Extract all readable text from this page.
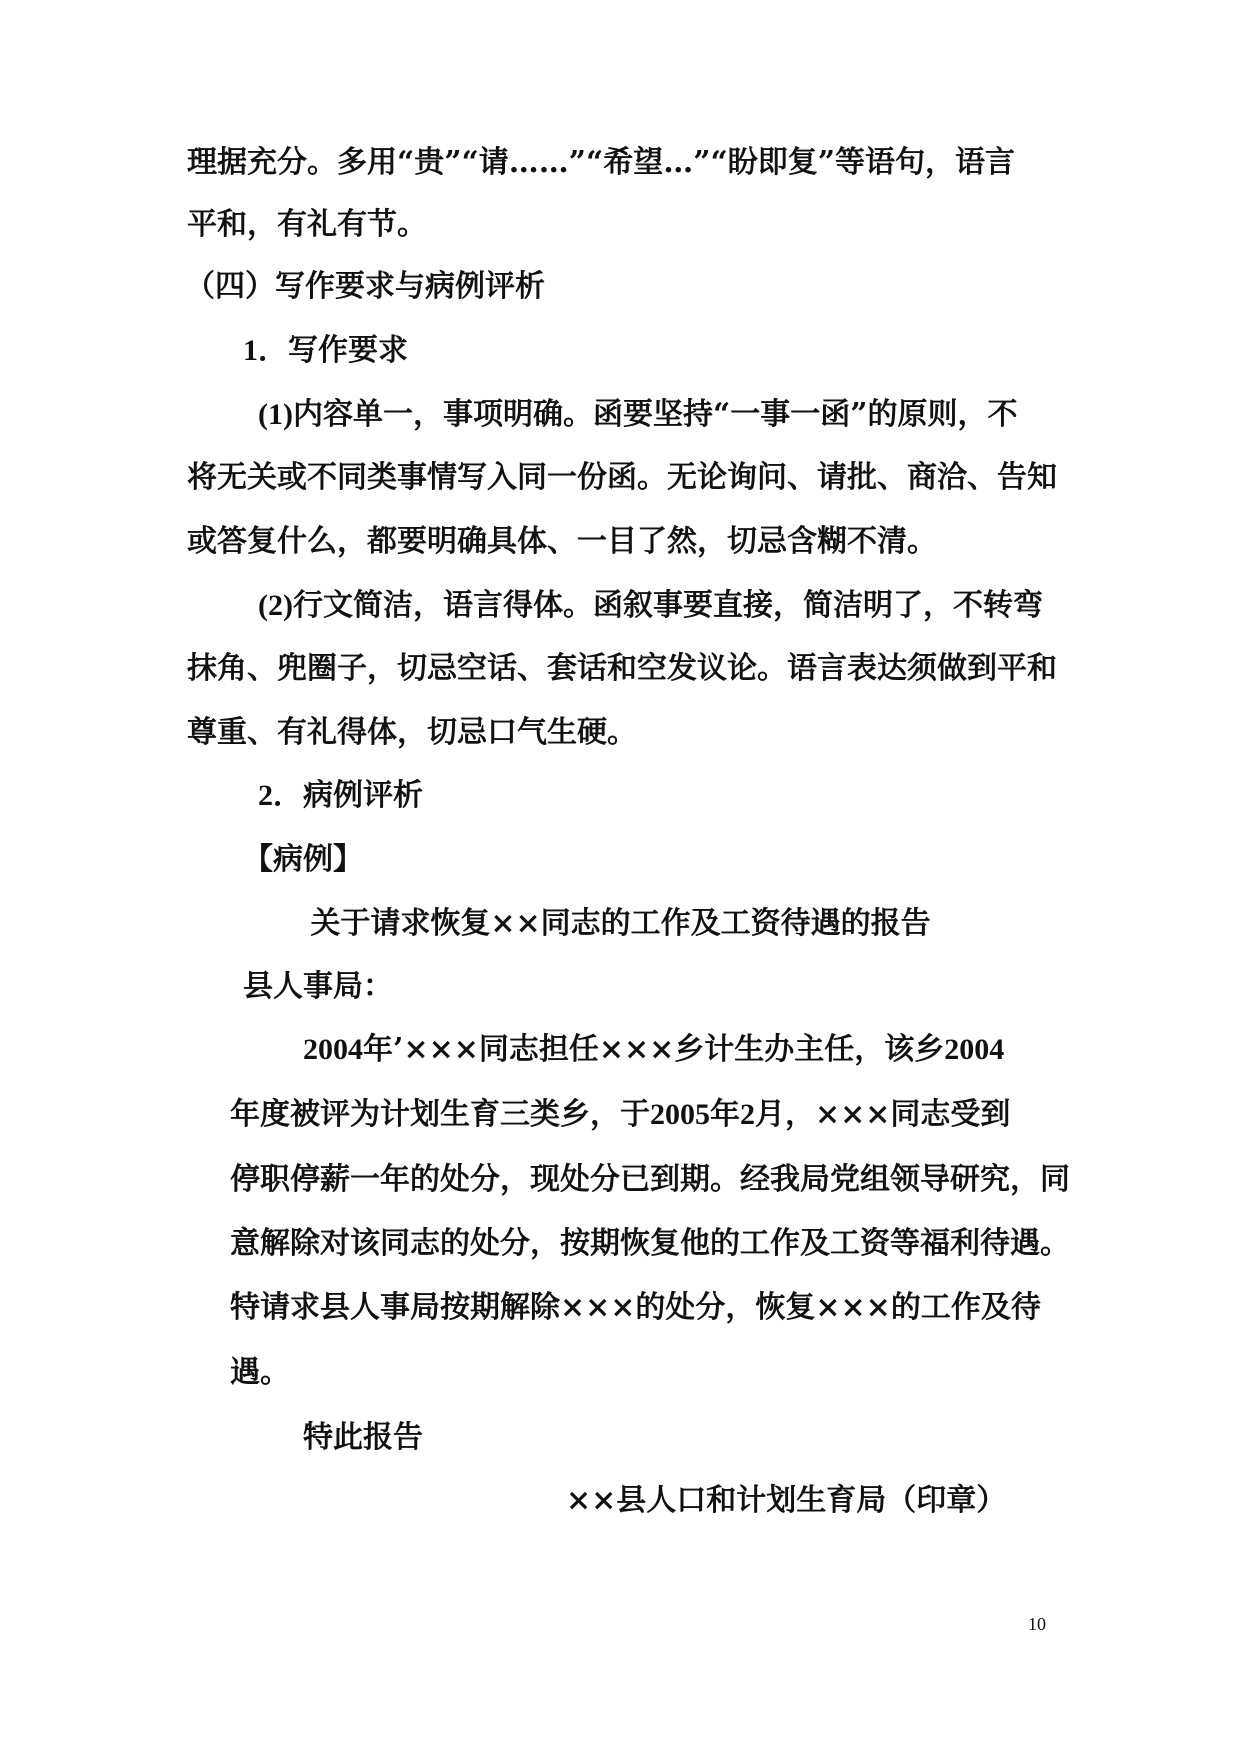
理据充分。多用“贵”“请……”“希望…”“盼即复”等语句，语言
平和，有礼有节。
（四）写作要求与病例评析
1．写作要求
(1)内容单一，事项明确。函要坚持“一事一函”的原则，不
将无关或不同类事情写入同一份函。无论询问、请批、商洽、告知
或答复什么，都要明确具体、一目了然，切忌含糊不清。
(2)行文简洁，语言得体。函叙事要直接，简洁明了，不转弯
抹角、兜圈子，切忌空话、套话和空发议论。语言表达须做到平和
尊重、有礼得体，切忌口气生硬。
2．病例评析
【病例】
关于请求恢复××同志的工作及工资待遇的报告
县人事局：
2004年’×××同志担任×××乡计生办主任，该乡2004
年度被评为计划生育三类乡，于2005年2月，×××同志受到
停职停薪一年的处分，现处分已到期。经我局党组领导研究，同
意解除对该同志的处分，按期恢复他的工作及工资等福利待遇。
特请求县人事局按期解除×××的处分，恢复×××的工作及待
遇。
特此报告
××县人口和计划生育局（印章）
10
